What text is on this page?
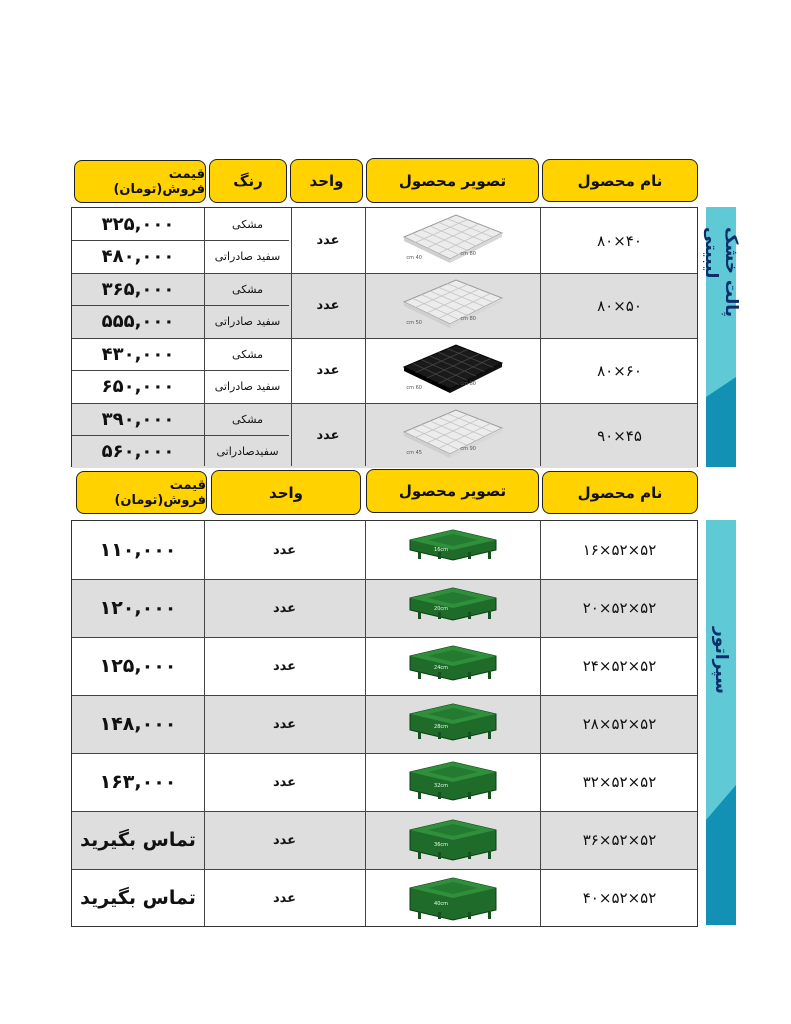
نام محصول
تصویر محصول
واحد
رنگ
قیمت فروش(تومان)
۴۰×۸۰
40 cm
80 cm
عدد
مشکی
۳۲۵,۰۰۰
سفید صادراتی
۴۸۰,۰۰۰
۵۰×۸۰
50 cm
80 cm
عدد
مشکی
۳۶۵,۰۰۰
سفید صادراتی
۵۵۵,۰۰۰
۶۰×۸۰
60 cm
80 cm
عدد
مشکی
۴۳۰,۰۰۰
سفید صادراتی
۶۵۰,۰۰۰
۴۵×۹۰
45 cm
90 cm
عدد
مشکی
۳۹۰,۰۰۰
سفیدصادراتی
۵۶۰,۰۰۰
پالت خشک لیبیتی
نام محصول
تصویر محصول
واحد
قیمت فروش(تومان)
۵۲×۵۲×۱۶
16cm
عدد
۱۱۰,۰۰۰
۵۲×۵۲×۲۰
20cm
عدد
۱۲۰,۰۰۰
۵۲×۵۲×۲۴
24cm
عدد
۱۲۵,۰۰۰
۵۲×۵۲×۲۸
28cm
عدد
۱۴۸,۰۰۰
۵۲×۵۲×۳۲
32cm
عدد
۱۶۳,۰۰۰
۵۲×۵۲×۳۶
36cm
عدد
تماس بگیرید
۵۲×۵۲×۴۰
40cm
عدد
تماس بگیرید
سپراتور
